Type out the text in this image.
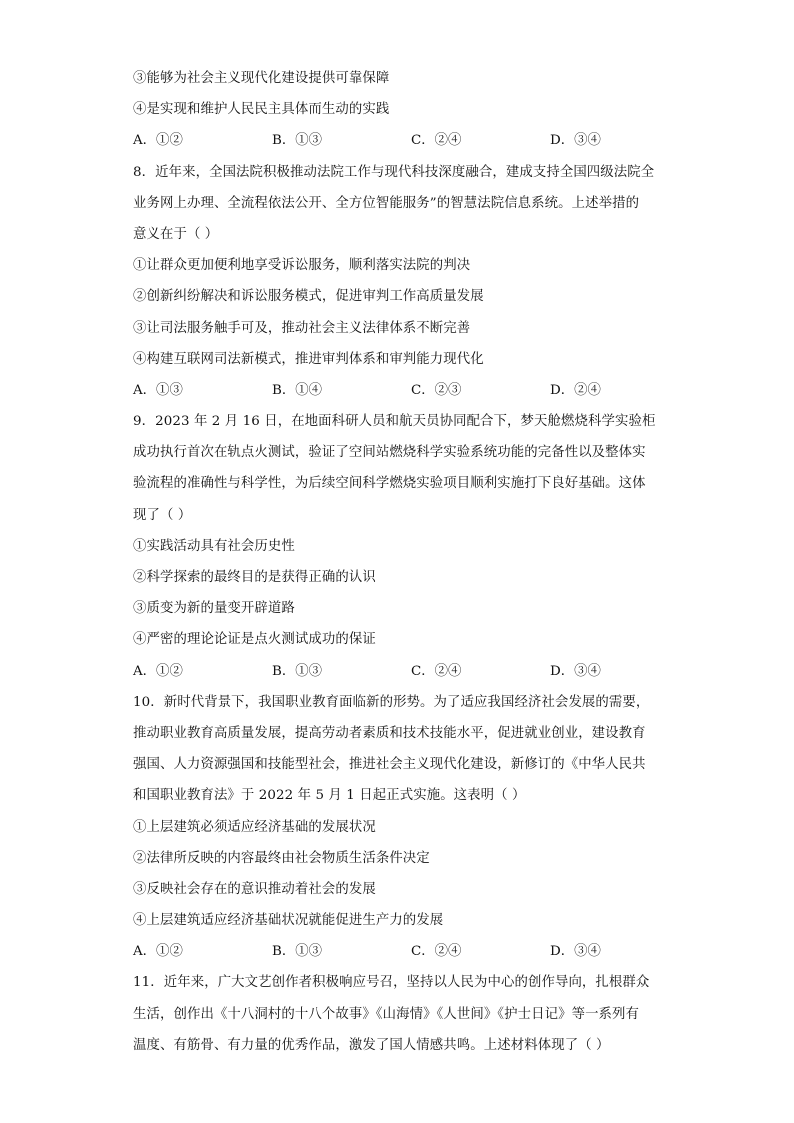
③能够为社会主义现代化建设提供可靠保障
④是实现和维护人民民主具体而生动的实践
A．①②	B．①③	C．②④	D．③④
8．近年来，全国法院积极推动法院工作与现代科技深度融合，建成支持全国四级法院全
业务网上办理、全流程依法公开、全方位智能服务”的智慧法院信息系统。上述举措的
意义在于（ ）
①让群众更加便利地享受诉讼服务，顺利落实法院的判决
②创新纠纷解决和诉讼服务模式，促进审判工作高质量发展
③让司法服务触手可及，推动社会主义法律体系不断完善
④构建互联网司法新模式，推进审判体系和审判能力现代化
A．①③	B．①④	C．②③	D．②④
9．2023 年 2 月 16 日，在地面科研人员和航天员协同配合下，梦天舱燃烧科学实验柜
成功执行首次在轨点火测试，验证了空间站燃烧科学实验系统功能的完备性以及整体实
验流程的准确性与科学性，为后续空间科学燃烧实验项目顺利实施打下良好基础。这体
现了（ ）
①实践活动具有社会历史性
②科学探索的最终目的是获得正确的认识
③质变为新的量变开辟道路
④严密的理论论证是点火测试成功的保证
A．①②	B．①③	C．②④	D．③④
10．新时代背景下，我国职业教育面临新的形势。为了适应我国经济社会发展的需要，
推动职业教育高质量发展，提高劳动者素质和技术技能水平，促进就业创业，建设教育
强国、人力资源强国和技能型社会，推进社会主义现代化建设，新修订的《中华人民共
和国职业教育法》于 2022 年 5 月 1 日起正式实施。这表明（ ）
①上层建筑必须适应经济基础的发展状况
②法律所反映的内容最终由社会物质生活条件决定
③反映社会存在的意识推动着社会的发展
④上层建筑适应经济基础状况就能促进生产力的发展
A．①②	B．①③	C．②④	D．③④
11．近年来，广大文艺创作者积极响应号召，坚持以人民为中心的创作导向，扎根群众
生活，创作出《十八洞村的十八个故事》《山海情》《人世间》《护士日记》等一系列有
温度、有筋骨、有力量的优秀作品，激发了国人情感共鸣。上述材料体现了（ ）
